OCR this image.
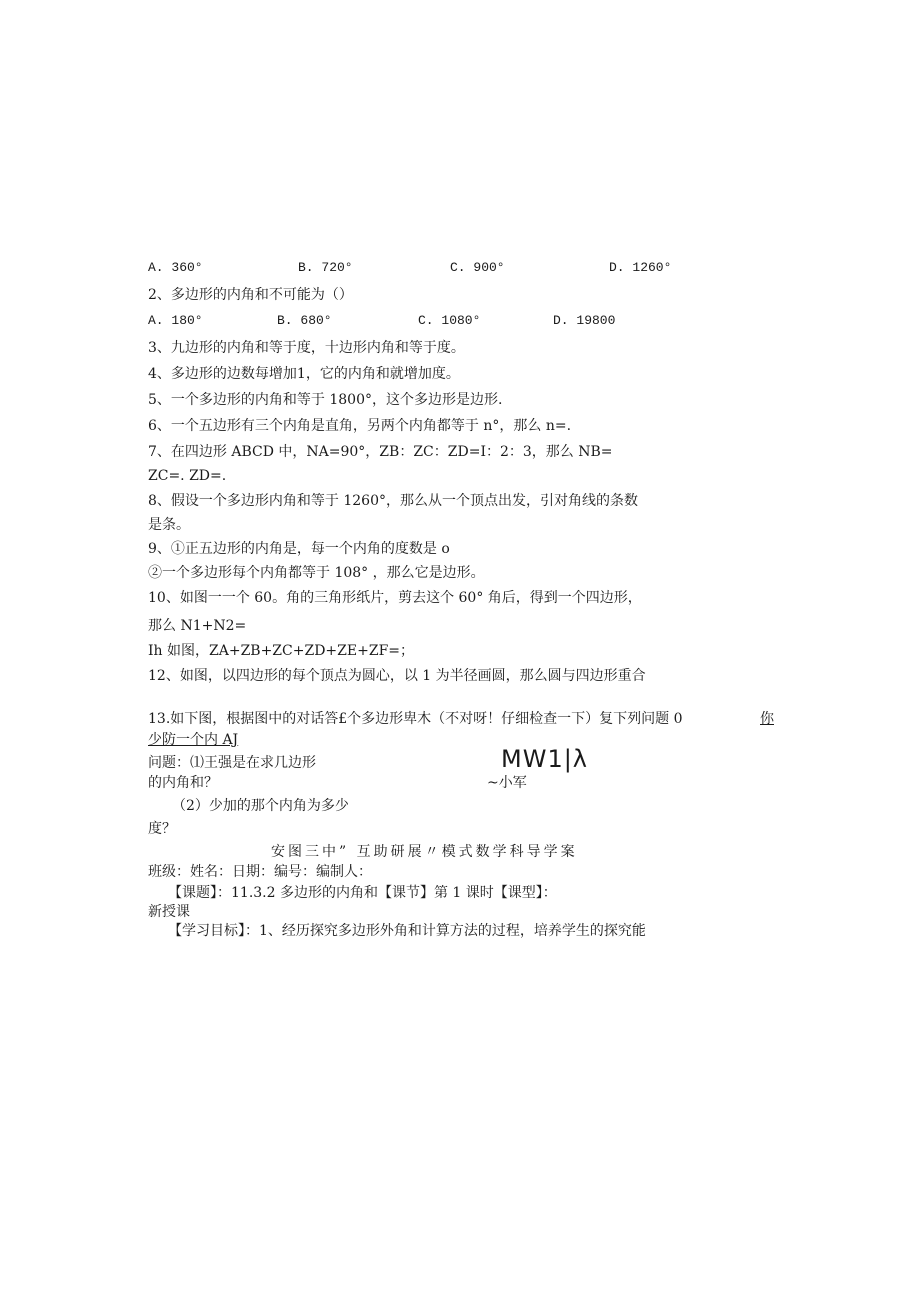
A. 360°	B. 720°	C. 900°	D. 1260°
2、多边形的内角和不可能为（）
A. 180°	B. 680°	C. 1080°	D. 19800
3、九边形的内角和等于度，十边形内角和等于度。
4、多边形的边数每增加1，它的内角和就增加度。
5、一个多边形的内角和等于 1800°，这个多边形是边形.
6、一个五边形有三个内角是直角，另两个内角都等于 n°，那么 n=.
7、在四边形 ABCD 中，NA=90°，ZB：ZC：ZD=I：2：3，那么 NB=
ZC=. ZD=.
8、假设一个多边形内角和等于 1260°，那么从一个顶点出发，引对角线的条数
是条。
9、①正五边形的内角是，每一个内角的度数是 o
②一个多边形每个内角都等于 108° ，那么它是边形。
10、如图一一个 60。角的三角形纸片，剪去这个 60° 角后，得到一个四边形，
那么 N1+N2=
Ih 如图，ZA+ZB+ZC+ZD+ZE+ZF=；
12、如图，以四边形的每个顶点为圆心，以 1 为半径画圆，那么圆与四边形重合
13.如下图，根据图中的对话答£个多边形卑木（不对呀！仔细检查一下）复下列问题 0	你
少防一个内 AJ
问题：⑴王强是在求几边形
的内角和？
（2）少加的那个内角为多少
度？
MW1|λ
~小军
安图三中” 互助研展〃模式数学科导学案
班级：姓名：日期：编号：编制人：
【课题】：11.3.2 多边形的内角和【课节】第 1 课时【课型】：
新授课
【学习目标】：1、经历探究多边形外角和计算方法的过程，培养学生的探究能
